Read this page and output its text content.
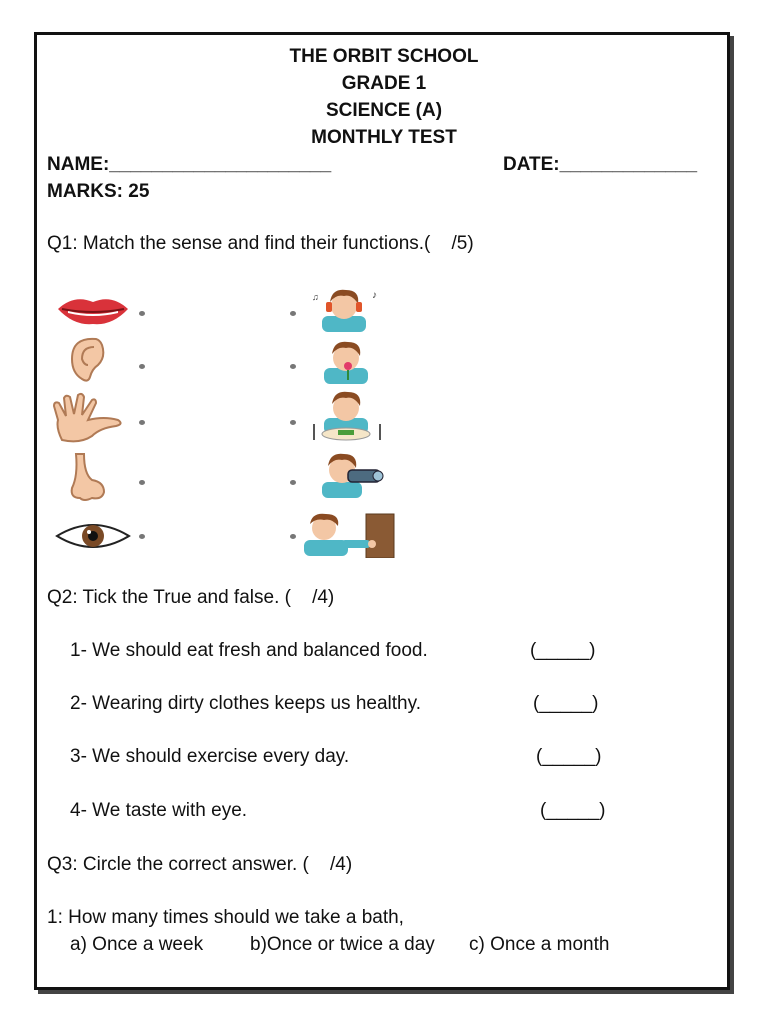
THE ORBIT SCHOOL
GRADE 1
SCIENCE (A)
MONTHLY TEST
NAME:_____________________	DATE:_____________
MARKS: 25
Q1: Match the sense and find their functions.(    /5)
♪
♫
Q2: Tick the True and false. (    /4)
1- We should eat fresh and balanced food.	(_____)
2- Wearing dirty clothes keeps us healthy.	(_____)
3- We should exercise every day.	(_____)
4- We taste with eye.	(_____)
Q3: Circle the correct answer. (    /4)
1: How many times should we take a bath,
a) Once a week b)Once or twice a day c) Once a month
